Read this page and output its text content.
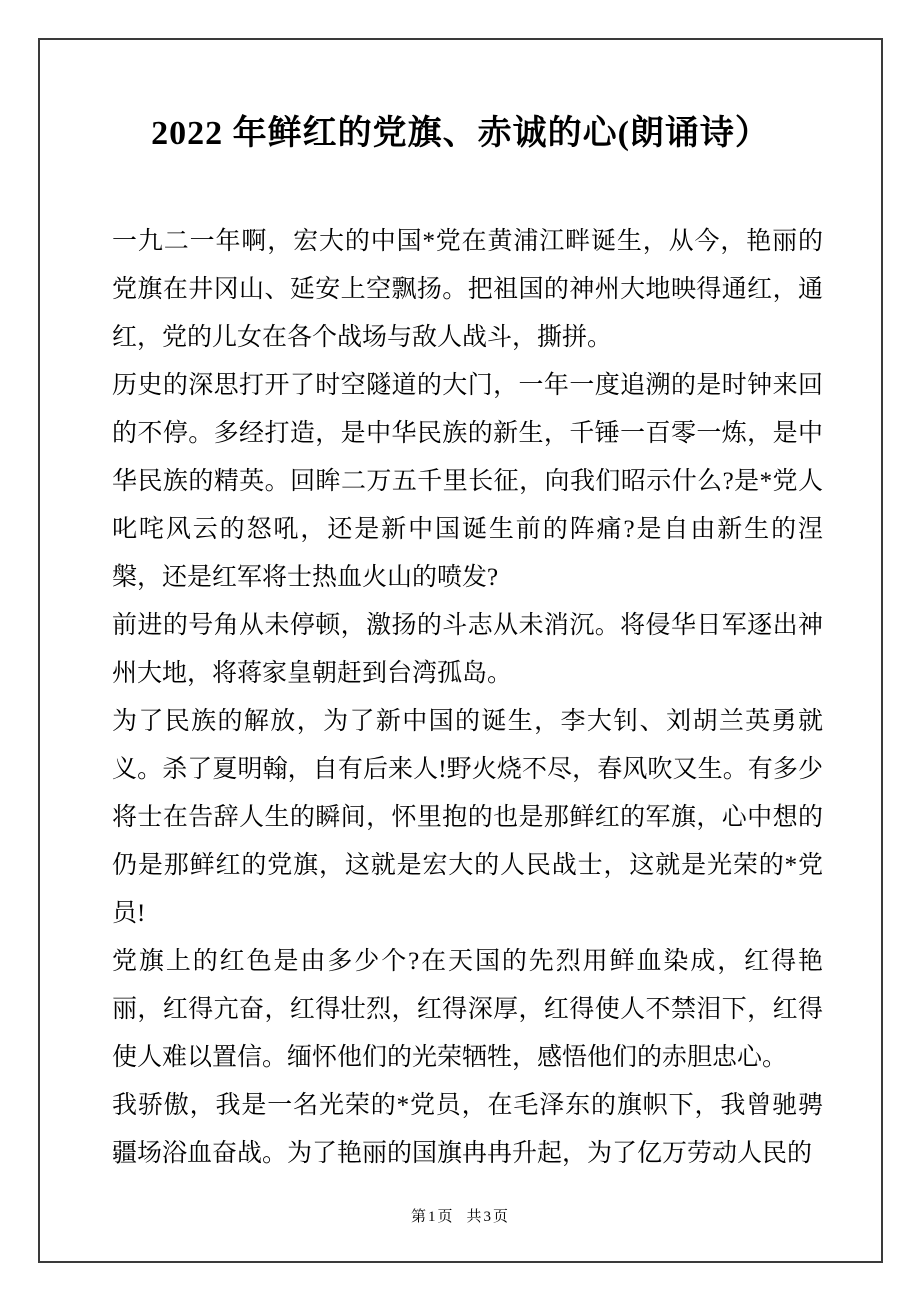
2022 年鲜红的党旗、赤诚的心(朗诵诗）

一九二一年啊，宏大的中国*党在黄浦江畔诞生，从今，艳丽的党旗在井冈山、延安上空飘扬。把祖国的神州大地映得通红，通红，党的儿女在各个战场与敌人战斗，撕拼。

历史的深思打开了时空隧道的大门，一年一度追溯的是时钟来回的不停。多经打造，是中华民族的新生，千锤一百零一炼，是中华民族的精英。回眸二万五千里长征，向我们昭示什么?是*党人叱咤风云的怒吼，还是新中国诞生前的阵痛?是自由新生的涅槃，还是红军将士热血火山的喷发?

前进的号角从未停顿，激扬的斗志从未消沉。将侵华日军逐出神州大地，将蒋家皇朝赶到台湾孤岛。

为了民族的解放，为了新中国的诞生，李大钊、刘胡兰英勇就义。杀了夏明翰，自有后来人!野火烧不尽，春风吹又生。有多少将士在告辞人生的瞬间，怀里抱的也是那鲜红的军旗，心中想的仍是那鲜红的党旗，这就是宏大的人民战士，这就是光荣的*党员!

党旗上的红色是由多少个?在天国的先烈用鲜血染成，红得艳丽，红得亢奋，红得壮烈，红得深厚，红得使人不禁泪下，红得使人难以置信。缅怀他们的光荣牺牲，感悟他们的赤胆忠心。

我骄傲，我是一名光荣的*党员，在毛泽东的旗帜下，我曾驰骋疆场浴血奋战。为了艳丽的国旗冉冉升起，为了亿万劳动人民的

第1页 共3页
